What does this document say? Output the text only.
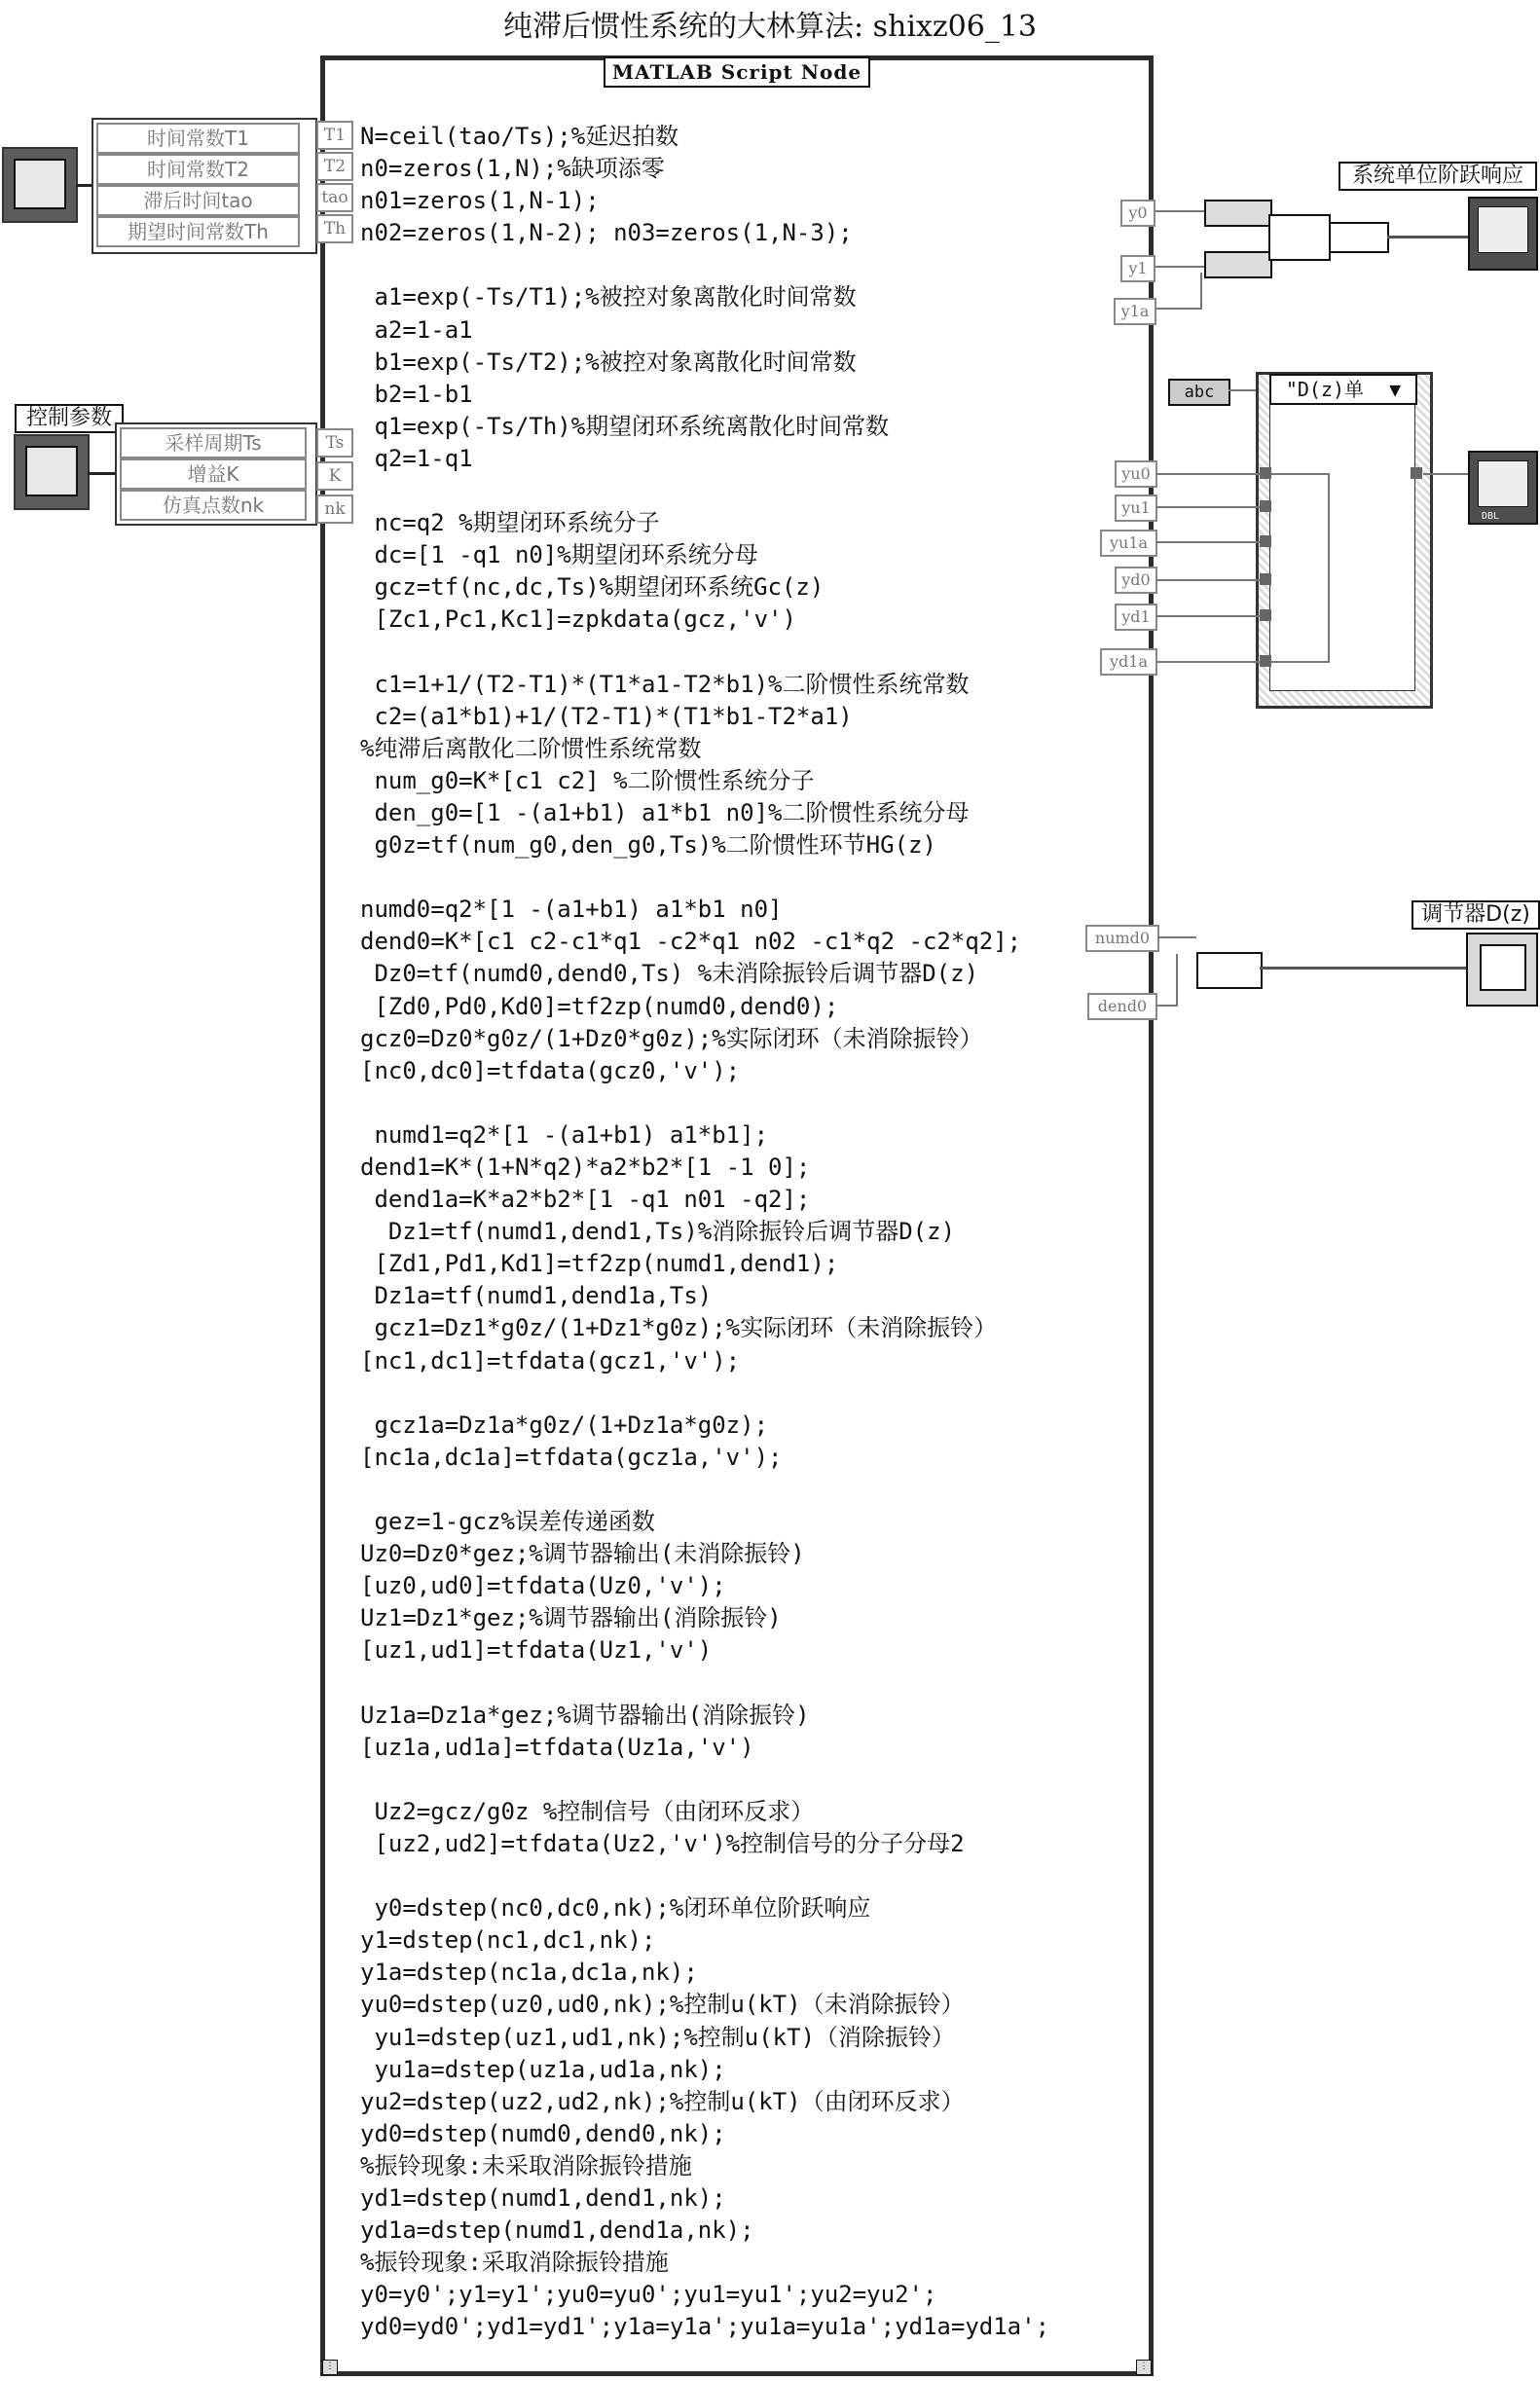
纯滞后惯性系统的大林算法: shixz06_13
MATLAB Script Node
N=ceil(tao/Ts);%延迟拍数
n0=zeros(1,N);%缺项添零
n01=zeros(1,N-1);
n02=zeros(1,N-2); n03=zeros(1,N-3);

a1=exp(-Ts/T1);%被控对象离散化时间常数
a2=1-a1
b1=exp(-Ts/T2);%被控对象离散化时间常数
b2=1-b1
q1=exp(-Ts/Th)%期望闭环系统离散化时间常数
q2=1-q1

nc=q2 %期望闭环系统分子
dc=[1 -q1 n0]%期望闭环系统分母
gcz=tf(nc,dc,Ts)%期望闭环系统Gc(z)
[Zc1,Pc1,Kc1]=zpkdata(gcz,'v')

c1=1+1/(T2-T1)*(T1*a1-T2*b1)%二阶惯性系统常数
c2=(a1*b1)+1/(T2-T1)*(T1*b1-T2*a1)
%纯滞后离散化二阶惯性系统常数
num_g0=K*[c1 c2] %二阶惯性系统分子
den_g0=[1 -(a1+b1) a1*b1 n0]%二阶惯性系统分母
g0z=tf(num_g0,den_g0,Ts)%二阶惯性环节HG(z)

numd0=q2*[1 -(a1+b1) a1*b1 n0]
dend0=K*[c1 c2-c1*q1 -c2*q1 n02 -c1*q2 -c2*q2];
Dz0=tf(numd0,dend0,Ts) %未消除振铃后调节器D(z)
[Zd0,Pd0,Kd0]=tf2zp(numd0,dend0);
gcz0=Dz0*g0z/(1+Dz0*g0z);%实际闭环（未消除振铃）
[nc0,dc0]=tfdata(gcz0,'v');

numd1=q2*[1 -(a1+b1) a1*b1];
dend1=K*(1+N*q2)*a2*b2*[1 -1 0];
dend1a=K*a2*b2*[1 -q1 n01 -q2];
Dz1=tf(numd1,dend1,Ts)%消除振铃后调节器D(z)
[Zd1,Pd1,Kd1]=tf2zp(numd1,dend1);
Dz1a=tf(numd1,dend1a,Ts)
gcz1=Dz1*g0z/(1+Dz1*g0z);%实际闭环（未消除振铃）
[nc1,dc1]=tfdata(gcz1,'v');

gcz1a=Dz1a*g0z/(1+Dz1a*g0z);
[nc1a,dc1a]=tfdata(gcz1a,'v');

gez=1-gcz%误差传递函数
Uz0=Dz0*gez;%调节器输出(未消除振铃)
[uz0,ud0]=tfdata(Uz0,'v');
Uz1=Dz1*gez;%调节器输出(消除振铃)
[uz1,ud1]=tfdata(Uz1,'v')

Uz1a=Dz1a*gez;%调节器输出(消除振铃)
[uz1a,ud1a]=tfdata(Uz1a,'v')

Uz2=gcz/g0z %控制信号（由闭环反求）
[uz2,ud2]=tfdata(Uz2,'v')%控制信号的分子分母2

y0=dstep(nc0,dc0,nk);%闭环单位阶跃响应
y1=dstep(nc1,dc1,nk);
y1a=dstep(nc1a,dc1a,nk);
yu0=dstep(uz0,ud0,nk);%控制u(kT)（未消除振铃）
yu1=dstep(uz1,ud1,nk);%控制u(kT)（消除振铃）
yu1a=dstep(uz1a,ud1a,nk);
yu2=dstep(uz2,ud2,nk);%控制u(kT)（由闭环反求）
yd0=dstep(numd0,dend0,nk);
%振铃现象:未采取消除振铃措施
yd1=dstep(numd1,dend1,nk);
yd1a=dstep(numd1,dend1a,nk);
%振铃现象:采取消除振铃措施
y0=y0';y1=y1';yu0=yu0';yu1=yu1';yu2=yu2';
yd0=yd0';yd1=yd1';y1a=y1a';yu1a=yu1a';yd1a=yd1a';
⋮	⋮
时间常数T1
时间常数T2
滞后时间tao
期望时间常数Th
T1
T2
tao
Th
控制参数
采样周期Ts
增益K
仿真点数nk
Ts
K
nk
y0
y1
y1a
系统单位阶跃响应
abc	"D(z)单 ▼
yu0
yu1
yu1a
yd0
yd1
yd1a
DBL
numd0
dend0
调节器D(z)
